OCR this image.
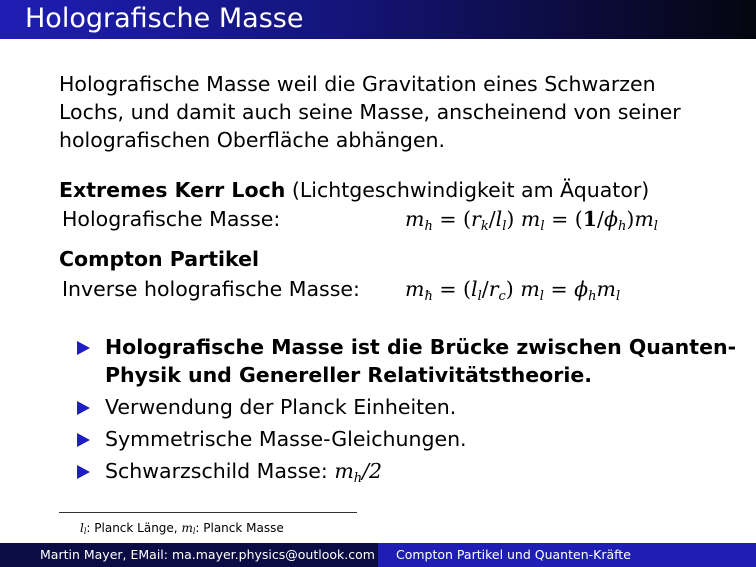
Holografische Masse
Holografische Masse weil die Gravitation eines Schwarzen Lochs, und damit auch seine Masse, anscheinend von seiner holografischen Oberfläche abhängen.
Extremes Kerr Loch (Lichtgeschwindigkeit am Äquator)
Holografische Masse:	$m_h = (r_k/l_l) m_l = (1/\phi_h)m_l$
Compton Partikel
Inverse holografische Masse: $m_ħ = (l_l/r_c) m_l = \phi_hm_l$
Holografische Masse ist die Brücke zwischen Quanten-Physik und Genereller Relativitätstheorie.
Verwendung der Planck Einheiten.
Symmetrische Masse-Gleichungen.
Schwarzschild Masse: $m_h/2$
$l_l$: Planck Länge, $m_l$: Planck Masse
Martin Mayer, EMail: ma.mayer.physics@outlook.com Compton Partikel und Quanten-Kräfte
